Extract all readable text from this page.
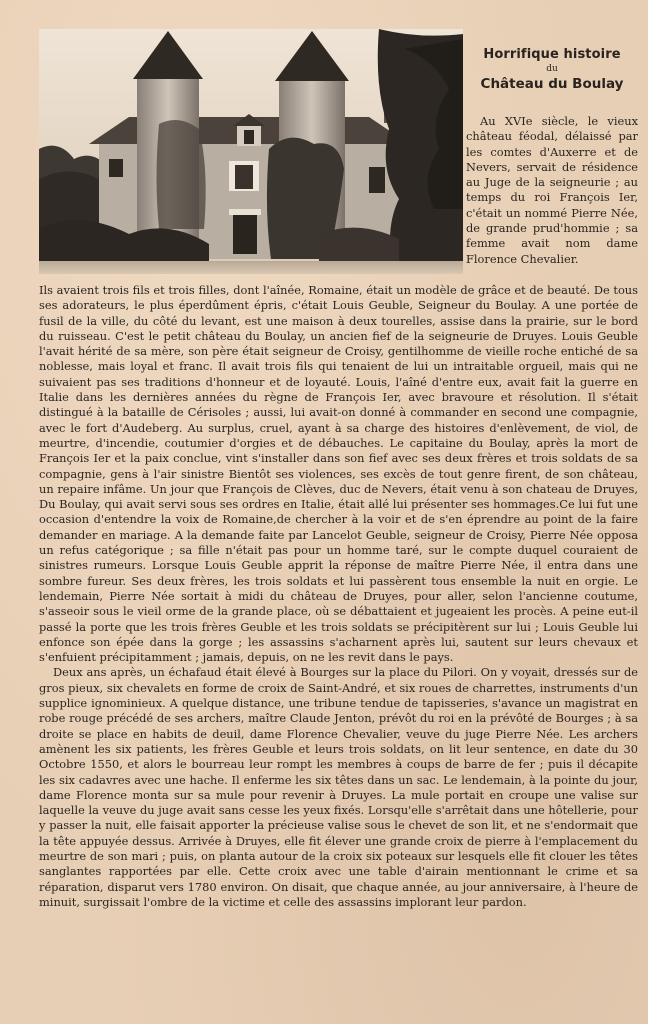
Horrifique histoire
du
Château du Boulay
Au XVIe siècle, le vieux château féodal, délaissé par les comtes d'Auxerre et de Nevers, servait de résidence au Juge de la seigneurie ; au temps du roi François Ier, c'était un nommé Pierre Née, de grande prud'hommie ; sa femme avait nom dame Florence Chevalier.

Ils avaient trois fils et trois filles, dont l'aînée, Romaine, était un modèle de grâce et de beauté. De tous ses adorateurs, le plus éperdûment épris, c'était Louis Geuble, Seigneur du Boulay. A une portée de fusil de la ville, du côté du levant, est une maison à deux tourelles, assise dans la prairie, sur le bord du ruisseau. C'est le petit château du Boulay, un ancien fief de la seigneurie de Druyes. Louis Geuble l'avait hérité de sa mère, son père était seigneur de Croisy, gentilhomme de vieille roche entiché de sa noblesse, mais loyal et franc. Il avait trois fils qui tenaient de lui un intraitable orgueil, mais qui ne suivaient pas ses traditions d'honneur et de loyauté. Louis, l'aîné d'entre eux, avait fait la guerre en Italie dans les dernières années du règne de François Ier, avec bravoure et résolution. Il s'était distingué à la bataille de Cérisoles ; aussi, lui avait-on donné à commander en second une compagnie, avec le fort d'Audeberg. Au surplus, cruel, ayant à sa charge des histoires d'enlèvement, de viol, de meurtre, d'incendie, coutumier d'orgies et de débauches. Le capitaine du Boulay, après la mort de François Ier et la paix conclue, vint s'installer dans son fief avec ses deux frères et trois soldats de sa compagnie, gens à l'air sinistre Bientôt ses violences, ses excès de tout genre firent, de son château, un repaire infâme. Un jour que François de Clèves, duc de Nevers, était venu à son chateau de Druyes, Du Boulay, qui avait servi sous ses ordres en Italie, était allé lui présenter ses hommages.Ce lui fut une occasion d'entendre la voix de Romaine,de chercher à la voir et de s'en éprendre au point de la faire demander en mariage. A la demande faite par Lancelot Geuble, seigneur de Croisy, Pierre Née opposa un refus catégorique ; sa fille n'était pas pour un homme taré, sur le compte duquel couraient de sinistres rumeurs. Lorsque Louis Geuble apprit la réponse de maître Pierre Née, il entra dans une sombre fureur. Ses deux frères, les trois soldats et lui passèrent tous ensemble la nuit en orgie. Le lendemain, Pierre Née sortait à midi du château de Druyes, pour aller, selon l'ancienne coutume, s'asseoir sous le vieil orme de la grande place, où se débattaient et jugeaient les procès. A peine eut-il passé la porte que les trois frères Geuble et les trois soldats se précipitèrent sur lui ; Louis Geuble lui enfonce son épée dans la gorge ; les assassins s'acharnent après lui, sautent sur leurs chevaux et s'enfuient précipitamment ; jamais, depuis, on ne les revit dans le pays.

Deux ans après, un échafaud était élevé à Bourges sur la place du Pilori. On y voyait, dressés sur de gros pieux, six chevalets en forme de croix de Saint-André, et six roues de charrettes, instruments d'un supplice ignominieux. A quelque distance, une tribune tendue de tapisseries, s'avance un magistrat en robe rouge précédé de ses archers, maître Claude Jenton, prévôt du roi en la prévôté de Bourges ; à sa droite se place en habits de deuil, dame Florence Chevalier, veuve du juge Pierre Née. Les archers amènent les six patients, les frères Geuble et leurs trois soldats, on lit leur sentence, en date du 30 Octobre 1550, et alors le bourreau leur rompt les membres à coups de barre de fer ; puis il décapite les six cadavres avec une hache. Il enferme les six têtes dans un sac. Le lendemain, à la pointe du jour, dame Florence monta sur sa mule pour revenir à Druyes. La mule portait en croupe une valise sur laquelle la veuve du juge avait sans cesse les yeux fixés. Lorsqu'elle s'arrêtait dans une hôtellerie, pour y passer la nuit, elle faisait apporter la précieuse valise sous le chevet de son lit, et ne s'endormait que la tête appuyée dessus. Arrivée à Druyes, elle fit élever une grande croix de pierre à l'emplacement du meurtre de son mari ; puis, on planta autour de la croix six poteaux sur lesquels elle fit clouer les têtes sanglantes rapportées par elle. Cette croix avec une table d'airain mentionnant le crime et sa réparation, disparut vers 1780 environ. On disait, que chaque année, au jour anniversaire, à l'heure de minuit, surgissait l'ombre de la victime et celle des assassins implorant leur pardon.
